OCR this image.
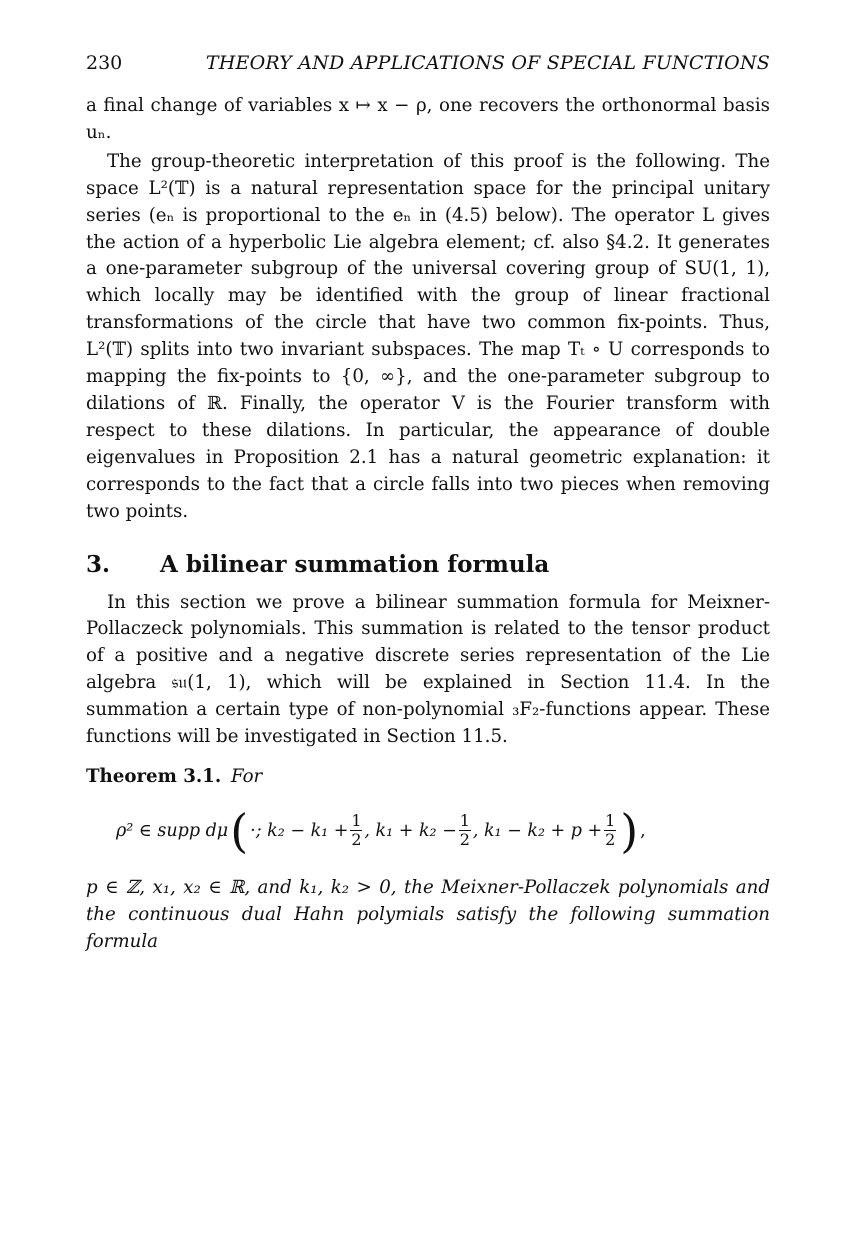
230	THEORY AND APPLICATIONS OF SPECIAL FUNCTIONS

a final change of variables x ↦ x − ρ, one recovers the orthonormal basis uₙ.

The group-theoretic interpretation of this proof is the following. The space L²(𝕋) is a natural representation space for the principal unitary series (eₙ is proportional to the eₙ in (4.5) below). The operator L gives the action of a hyperbolic Lie algebra element; cf. also §4.2. It generates a one-parameter subgroup of the universal covering group of SU(1, 1), which locally may be identified with the group of linear fractional transformations of the circle that have two common fix-points. Thus, L²(𝕋) splits into two invariant subspaces. The map Tₜ ∘ U corresponds to mapping the fix-points to {0, ∞}, and the one-parameter subgroup to dilations of ℝ. Finally, the operator V is the Fourier transform with respect to these dilations. In particular, the appearance of double eigenvalues in Proposition 2.1 has a natural geometric explanation: it corresponds to the fact that a circle falls into two pieces when removing two points.

3.	A bilinear summation formula

In this section we prove a bilinear summation formula for Meixner-Pollaczeck polynomials. This summation is related to the tensor product of a positive and a negative discrete series representation of the Lie algebra 𝔰𝔲(1, 1), which will be explained in Section 11.4. In the summation a certain type of non-polynomial ₃F₂-functions appear. These functions will be investigated in Section 11.5.

Theorem 3.1. For
ρ² ∈ supp dμ ( ·; $k_2 - k_1 + \frac{1}{2}$ , $k_1 + k_2 - \frac{1}{2}$ , $k_1 - k_2 + p + \frac{1}{2}$ ) ,

p ∈ ℤ, x₁, x₂ ∈ ℝ, and k₁, k₂ > 0, the Meixner-Pollaczek polynomials and the continuous dual Hahn polymials satisfy the following summation formula
